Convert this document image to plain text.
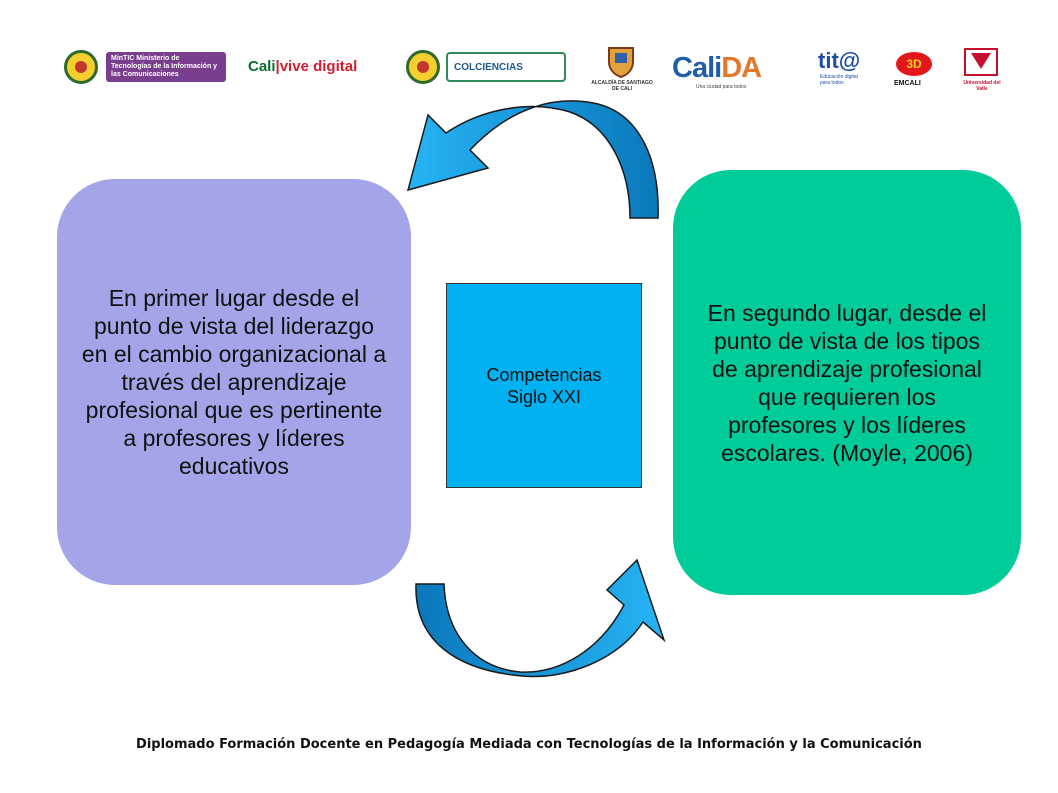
MinTIC Ministerio de Tecnologías de la Información y las Comunicaciones	Cali|vive digital	COLCIENCIAS
ALCALDÍA DE SANTIAGO DE CALI
CaliDA
Una ciudad para todos
tit@
Educación digital para todos
3D
EMCALI	Universidad del Valle
En primer lugar desde el punto de vista del liderazgo en el cambio organizacional a través del aprendizaje profesional que es pertinente a profesores y líderes educativos
Competencias
Siglo XXI
En segundo lugar, desde el punto de vista de los tipos de aprendizaje profesional que requieren los profesores y los líderes escolares. (Moyle, 2006)
Diplomado Formación Docente en Pedagogía Mediada con Tecnologías de la Información y la Comunicación
